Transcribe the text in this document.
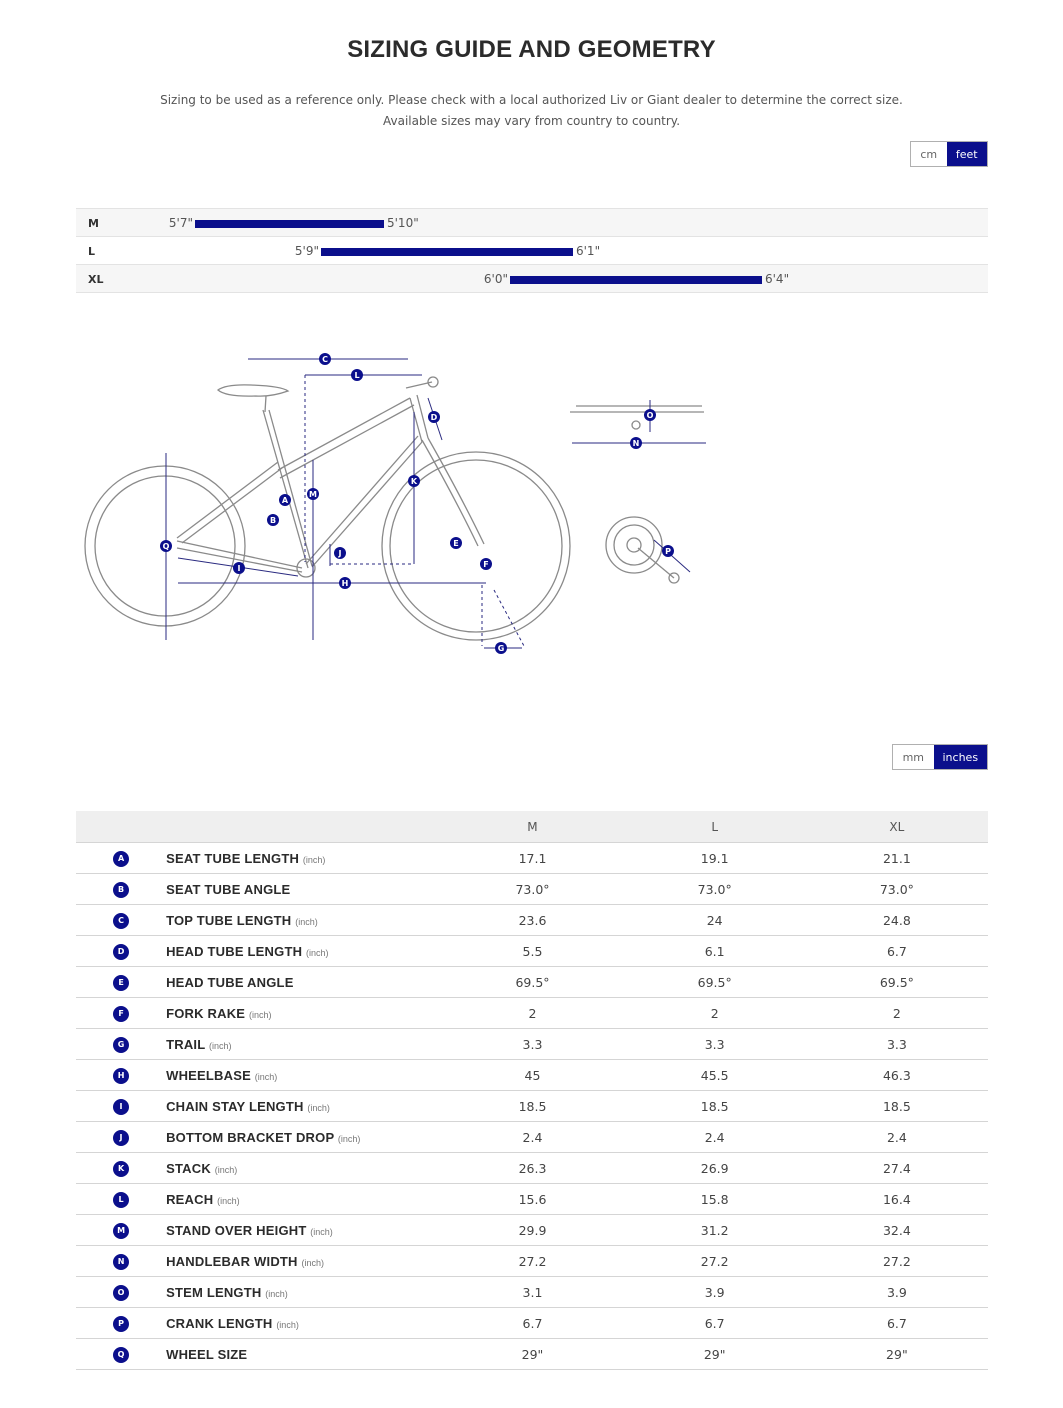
SIZING GUIDE AND GEOMETRY
Sizing to be used as a reference only. Please check with a local authorized Liv or Giant dealer to determine the correct size.
Available sizes may vary from country to country.
cm	feet
M	5'7"	5'10"
L	5'9"	6'1"
XL	6'0"	6'4"
A
B
C
D
E
F
G
H
I
J
K
L
M
N
O
P
Q
mm	inches
		M	L	XL
A	SEAT TUBE LENGTH (inch)	17.1	19.1	21.1
B	SEAT TUBE ANGLE	73.0°	73.0°	73.0°
C	TOP TUBE LENGTH (inch)	23.6	24	24.8
D	HEAD TUBE LENGTH (inch)	5.5	6.1	6.7
E	HEAD TUBE ANGLE	69.5°	69.5°	69.5°
F	FORK RAKE (inch)	2	2	2
G	TRAIL (inch)	3.3	3.3	3.3
H	WHEELBASE (inch)	45	45.5	46.3
I	CHAIN STAY LENGTH (inch)	18.5	18.5	18.5
J	BOTTOM BRACKET DROP (inch)	2.4	2.4	2.4
K	STACK (inch)	26.3	26.9	27.4
L	REACH (inch)	15.6	15.8	16.4
M	STAND OVER HEIGHT (inch)	29.9	31.2	32.4
N	HANDLEBAR WIDTH (inch)	27.2	27.2	27.2
O	STEM LENGTH (inch)	3.1	3.9	3.9
P	CRANK LENGTH (inch)	6.7	6.7	6.7
Q	WHEEL SIZE	29"	29"	29"
